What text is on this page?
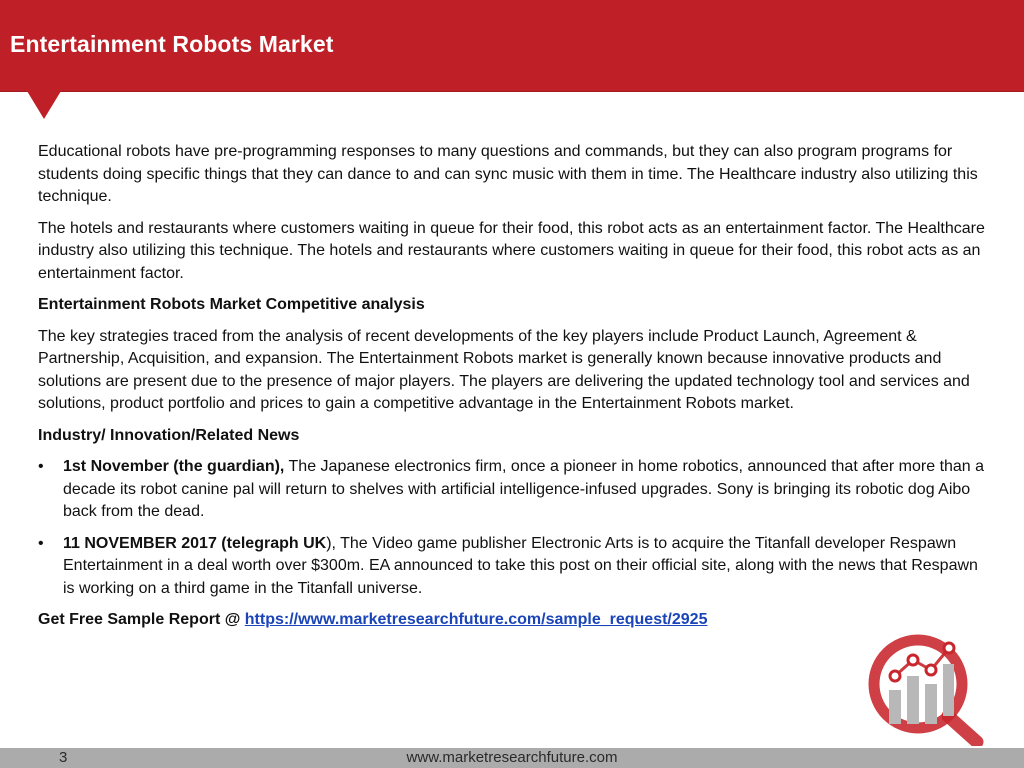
Entertainment Robots Market

Educational robots have pre-programming responses to many questions and commands, but they can also program programs for students doing specific things that they can dance to and can sync music with them in time. The Healthcare industry also utilizing this technique.

The hotels and restaurants where customers waiting in queue for their food, this robot acts as an entertainment factor. The Healthcare industry also utilizing this technique. The hotels and restaurants where customers waiting in queue for their food, this robot acts as an entertainment factor.

Entertainment Robots Market Competitive analysis

The key strategies traced from the analysis of recent developments of the key players include Product Launch, Agreement & Partnership, Acquisition, and expansion. The Entertainment Robots market is generally known because innovative products and solutions are present due to the presence of major players. The players are delivering the updated technology tool and services and solutions, product portfolio and prices to gain a competitive advantage in the Entertainment Robots market.

Industry/ Innovation/Related News

• 1st November (the guardian), The Japanese electronics firm, once a pioneer in home robotics, announced that after more than a decade its robot canine pal will return to shelves with artificial intelligence-infused upgrades. Sony is bringing its robotic dog Aibo back from the dead.
• 11 NOVEMBER 2017 (telegraph UK), The Video game publisher Electronic Arts is to acquire the Titanfall developer Respawn Entertainment in a deal worth over $300m. EA announced to take this post on their official site, along with the news that Respawn is working on a third game in the Titanfall universe.

Get Free Sample Report @ https://www.marketresearchfuture.com/sample_request/2925

3	www.marketresearchfuture.com
